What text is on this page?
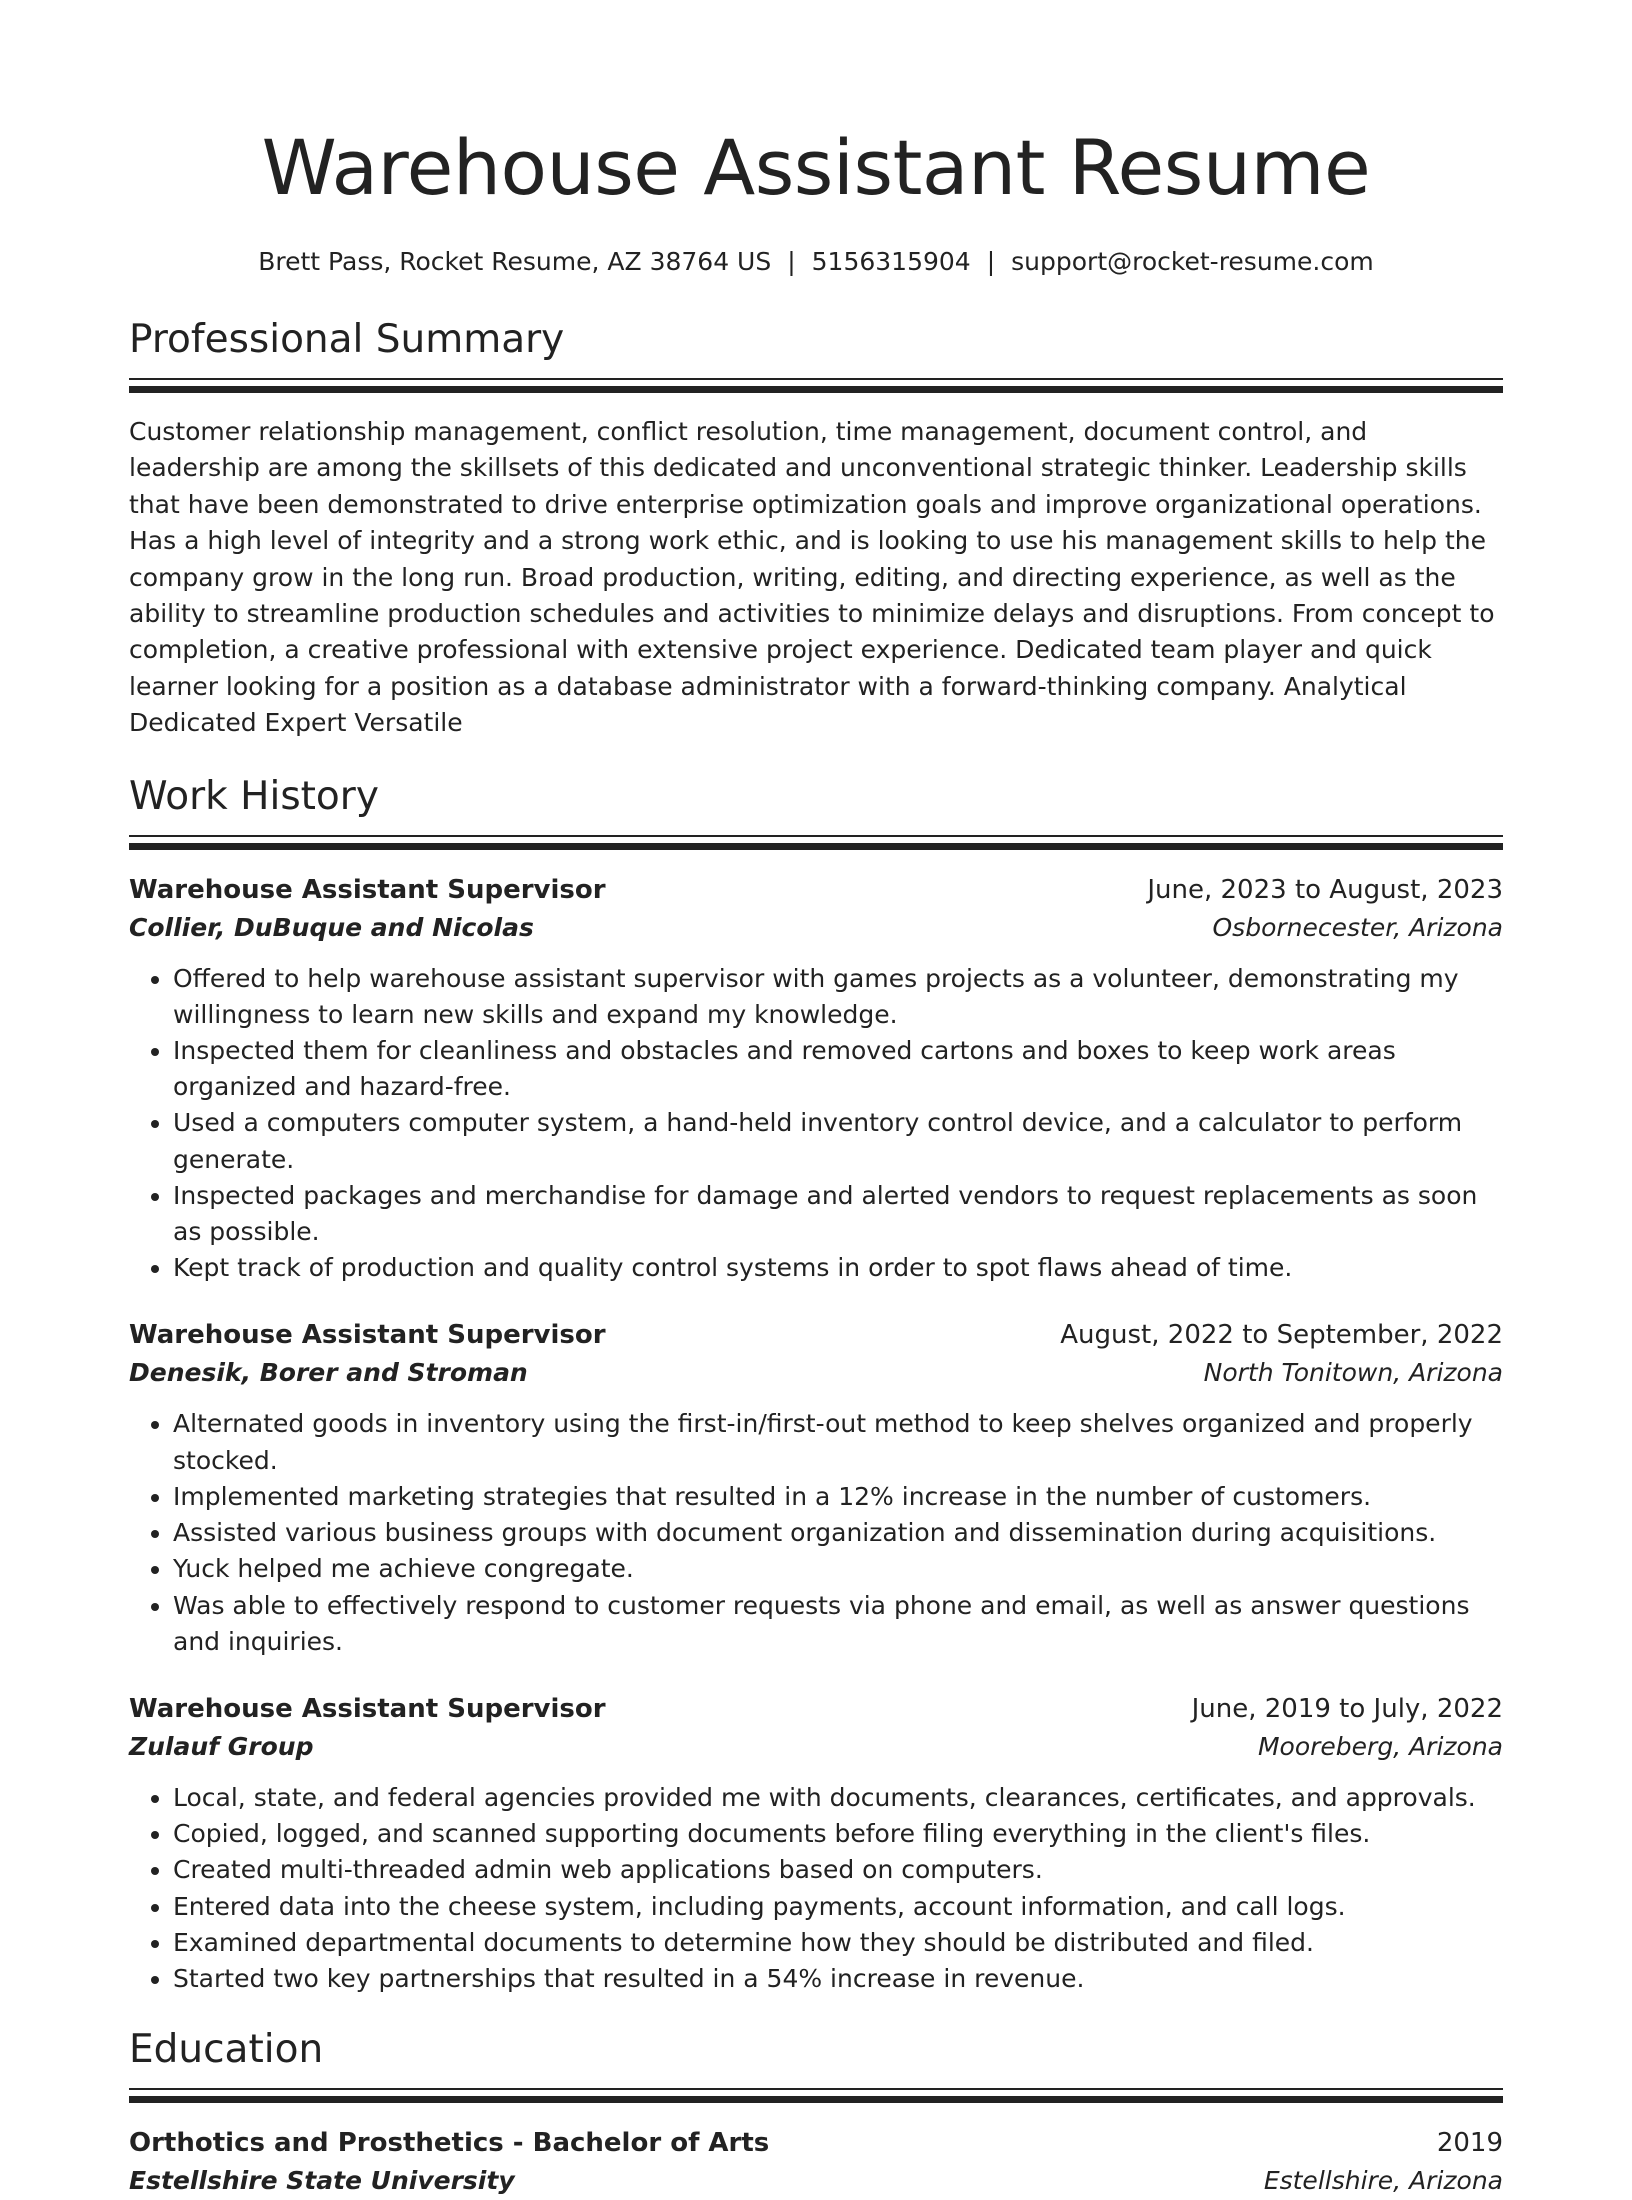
Warehouse Assistant Resume
Brett Pass, Rocket Resume, AZ 38764 US | 5156315904 | support@rocket-resume.com
Professional Summary

Customer relationship management, conflict resolution, time management, document control, and leadership are among the skillsets of this dedicated and unconventional strategic thinker. Leadership skills that have been demonstrated to drive enterprise optimization goals and improve organizational operations. Has a high level of integrity and a strong work ethic, and is looking to use his management skills to help the company grow in the long run. Broad production, writing, editing, and directing experience, as well as the ability to streamline production schedules and activities to minimize delays and disruptions. From concept to completion, a creative professional with extensive project experience. Dedicated team player and quick learner looking for a position as a database administrator with a forward-thinking company. Analytical Dedicated Expert Versatile

Work History
Warehouse Assistant Supervisor	June, 2023 to August, 2023
Collier, DuBuque and Nicolas	Osbornecester, Arizona
• Offered to help warehouse assistant supervisor with games projects as a volunteer, demonstrating my willingness to learn new skills and expand my knowledge.
• Inspected them for cleanliness and obstacles and removed cartons and boxes to keep work areas organized and hazard-free.
• Used a computers computer system, a hand-held inventory control device, and a calculator to perform generate.
• Inspected packages and merchandise for damage and alerted vendors to request replacements as soon as possible.
• Kept track of production and quality control systems in order to spot flaws ahead of time.
Warehouse Assistant Supervisor	August, 2022 to September, 2022
Denesik, Borer and Stroman	North Tonitown, Arizona
• Alternated goods in inventory using the first-in/first-out method to keep shelves organized and properly stocked.
• Implemented marketing strategies that resulted in a 12% increase in the number of customers.
• Assisted various business groups with document organization and dissemination during acquisitions.
• Yuck helped me achieve congregate.
• Was able to effectively respond to customer requests via phone and email, as well as answer questions and inquiries.
Warehouse Assistant Supervisor	June, 2019 to July, 2022
Zulauf Group	Mooreberg, Arizona
• Local, state, and federal agencies provided me with documents, clearances, certificates, and approvals.
• Copied, logged, and scanned supporting documents before filing everything in the client's files.
• Created multi-threaded admin web applications based on computers.
• Entered data into the cheese system, including payments, account information, and call logs.
• Examined departmental documents to determine how they should be distributed and filed.
• Started two key partnerships that resulted in a 54% increase in revenue.
Education
Orthotics and Prosthetics - Bachelor of Arts	2019
Estellshire State University	Estellshire, Arizona
